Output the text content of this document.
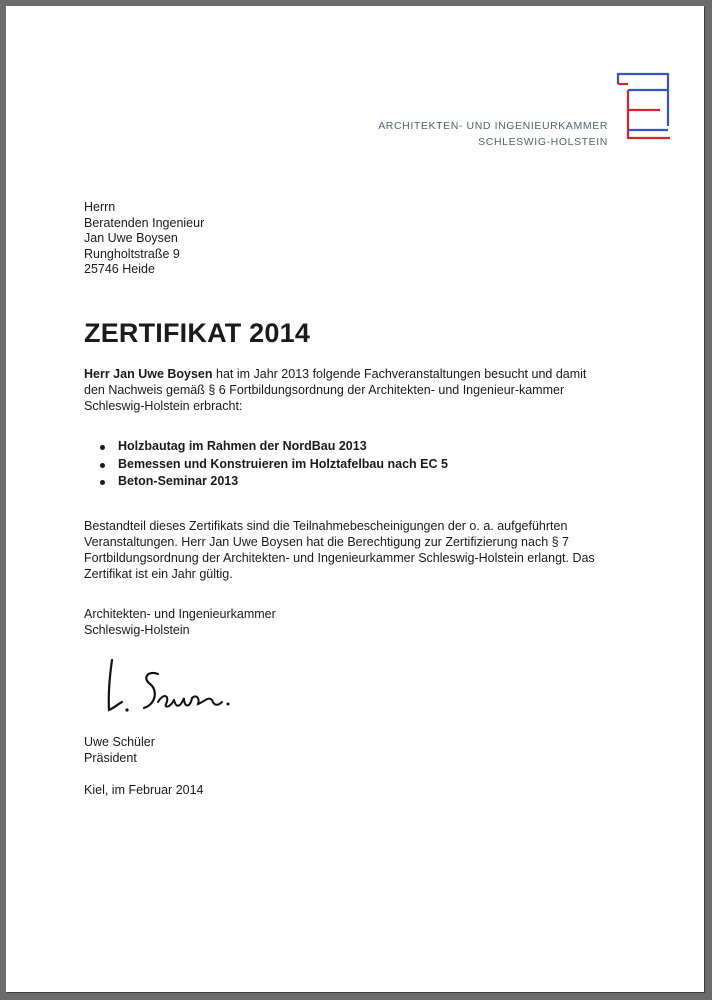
ARCHITEKTEN- UND INGENIEURKAMMER
SCHLESWIG-HOLSTEIN
Herrn
Beratenden Ingenieur
Jan Uwe Boysen
Rungholtstraße 9
25746 Heide
ZERTIFIKAT 2014
Herr Jan Uwe Boysen hat im Jahr 2013 folgende Fachveranstaltungen besucht und damit den Nachweis gemäß § 6 Fortbildungsordnung der Architekten- und Ingenieur-kammer Schleswig-Holstein erbracht:
Holzbautag im Rahmen der NordBau 2013
Bemessen und Konstruieren im Holztafelbau nach EC 5
Beton-Seminar 2013
Bestandteil dieses Zertifikats sind die Teilnahmebescheinigungen der o. a. aufgeführten Veranstaltungen. Herr Jan Uwe Boysen hat die Berechtigung zur Zertifizierung nach § 7 Fortbildungsordnung der Architekten- und Ingenieurkammer Schleswig-Holstein erlangt. Das Zertifikat ist ein Jahr gültig.
Architekten- und Ingenieurkammer
Schleswig-Holstein
Uwe Schüler
Präsident
Kiel, im Februar 2014
